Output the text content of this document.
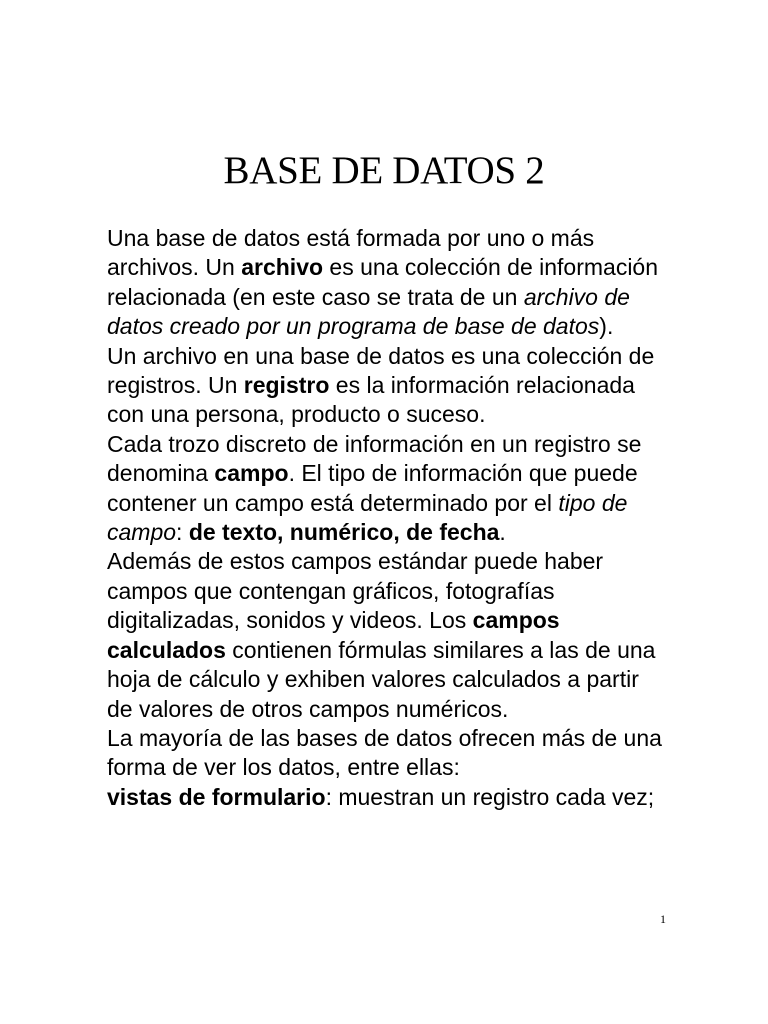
BASE DE DATOS 2

Una base de datos está formada por uno o más archivos. Un archivo es una colección de información relacionada (en este caso se trata de un archivo de datos creado por un programa de base de datos).

Un archivo en una base de datos es una colección de registros. Un registro es la información relacionada con una persona, producto o suceso.

Cada trozo discreto de información en un registro se denomina campo. El tipo de información que puede contener un campo está determinado por el tipo de campo: de texto, numérico, de fecha.

Además de estos campos estándar puede haber campos que contengan gráficos, fotografías digitalizadas, sonidos y videos. Los campos calculados contienen fórmulas similares a las de una hoja de cálculo y exhiben valores calculados a partir de valores de otros campos numéricos.

La mayoría de las bases de datos ofrecen más de una forma de ver los datos, entre ellas:

vistas de formulario: muestran un registro cada vez;

1
